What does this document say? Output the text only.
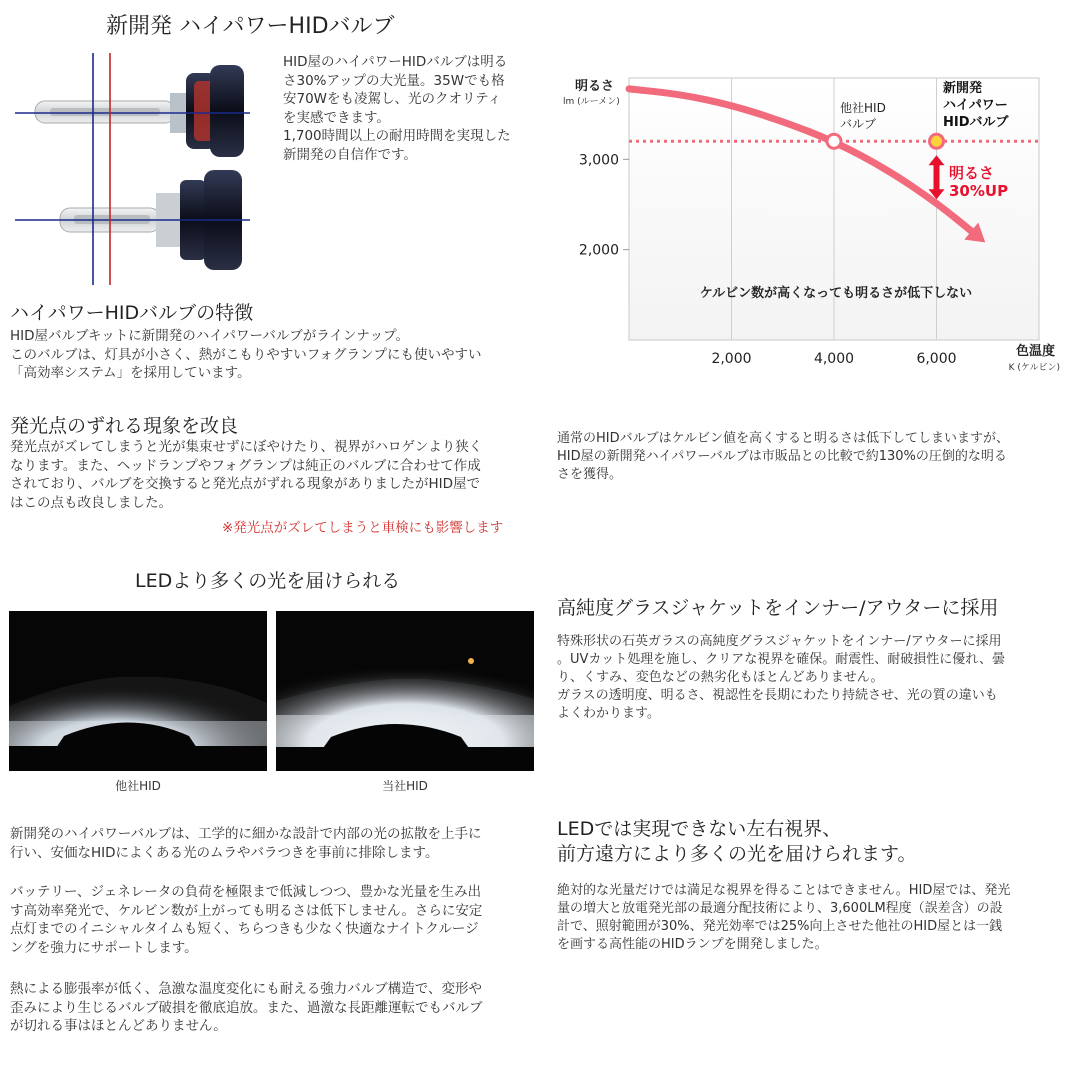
新開発 ハイパワーHIDバルブ
HID屋のハイパワーHIDバルブは明る
さ30%アップの大光量。35Wでも格
安70Wをも凌駕し、光のクオリティ
を実感できます。
1,700時間以上の耐用時間を実現した
新開発の自信作です。
ハイパワーHIDバルブの特徴
HID屋バルブキットに新開発のハイパワーバルブがラインナップ。
このバルブは、灯具が小さく、熱がこもりやすいフォグランプにも使いやすい
「高効率システム」を採用しています。
発光点のずれる現象を改良
発光点がズレてしまうと光が集束せずにぼやけたり、視界がハロゲンより狭く
なります。また、ヘッドランプやフォグランプは純正のバルブに合わせて作成
されており、バルブを交換すると発光点がずれる現象がありましたがHID屋で
はこの点も改良しました。
※発光点がズレてしまうと車検にも影響します
LEDより多くの光を届けられる
他社HID	当社HID
新開発のハイパワーバルブは、工学的に細かな設計で内部の光の拡散を上手に
行い、安価なHIDによくある光のムラやバラつきを事前に排除します。
バッテリー、ジェネレータの負荷を極限まで低減しつつ、豊かな光量を生み出
す高効率発光で、ケルビン数が上がっても明るさは低下しません。さらに安定
点灯までのイニシャルタイムも短く、ちらつきも少なく快適なナイトクルージ
ングを強力にサポートします。
熱による膨張率が低く、急激な温度変化にも耐える強力バルブ構造で、変形や
歪みにより生じるバルブ破損を徹底追放。また、過激な長距離運転でもバルブ
が切れる事はほとんどありません。
明るさ
lm (ルーメン)
色温度
K (ケルビン)
2,000	4,000	6,000
3,000
2,000
他社HID
バルブ
新開発
ハイパワー
HIDバルブ
明るさ
30%UP
ケルビン数が高くなっても明るさが低下しない
通常のHIDバルブはケルビン値を高くすると明るさは低下してしまいますが、
HID屋の新開発ハイパワーバルブは市販品との比較で約130%の圧倒的な明る
さを獲得。
高純度グラスジャケットをインナー/アウターに採用
特殊形状の石英ガラスの高純度グラスジャケットをインナー/アウターに採用
。UVカット処理を施し、クリアな視界を確保。耐震性、耐破損性に優れ、曇
り、くすみ、変色などの熱劣化もほとんどありません。
ガラスの透明度、明るさ、視認性を長期にわたり持続させ、光の質の違いも
よくわかります。
LEDでは実現できない左右視界、
前方遠方により多くの光を届けられます。
絶対的な光量だけでは満足な視界を得ることはできません。HID屋では、発光
量の増大と放電発光部の最適分配技術により、3,600LM程度（誤差含）の設
計で、照射範囲が30%、発光効率では25%向上させた他社のHID屋とは一銭
を画する高性能のHIDランプを開発しました。
